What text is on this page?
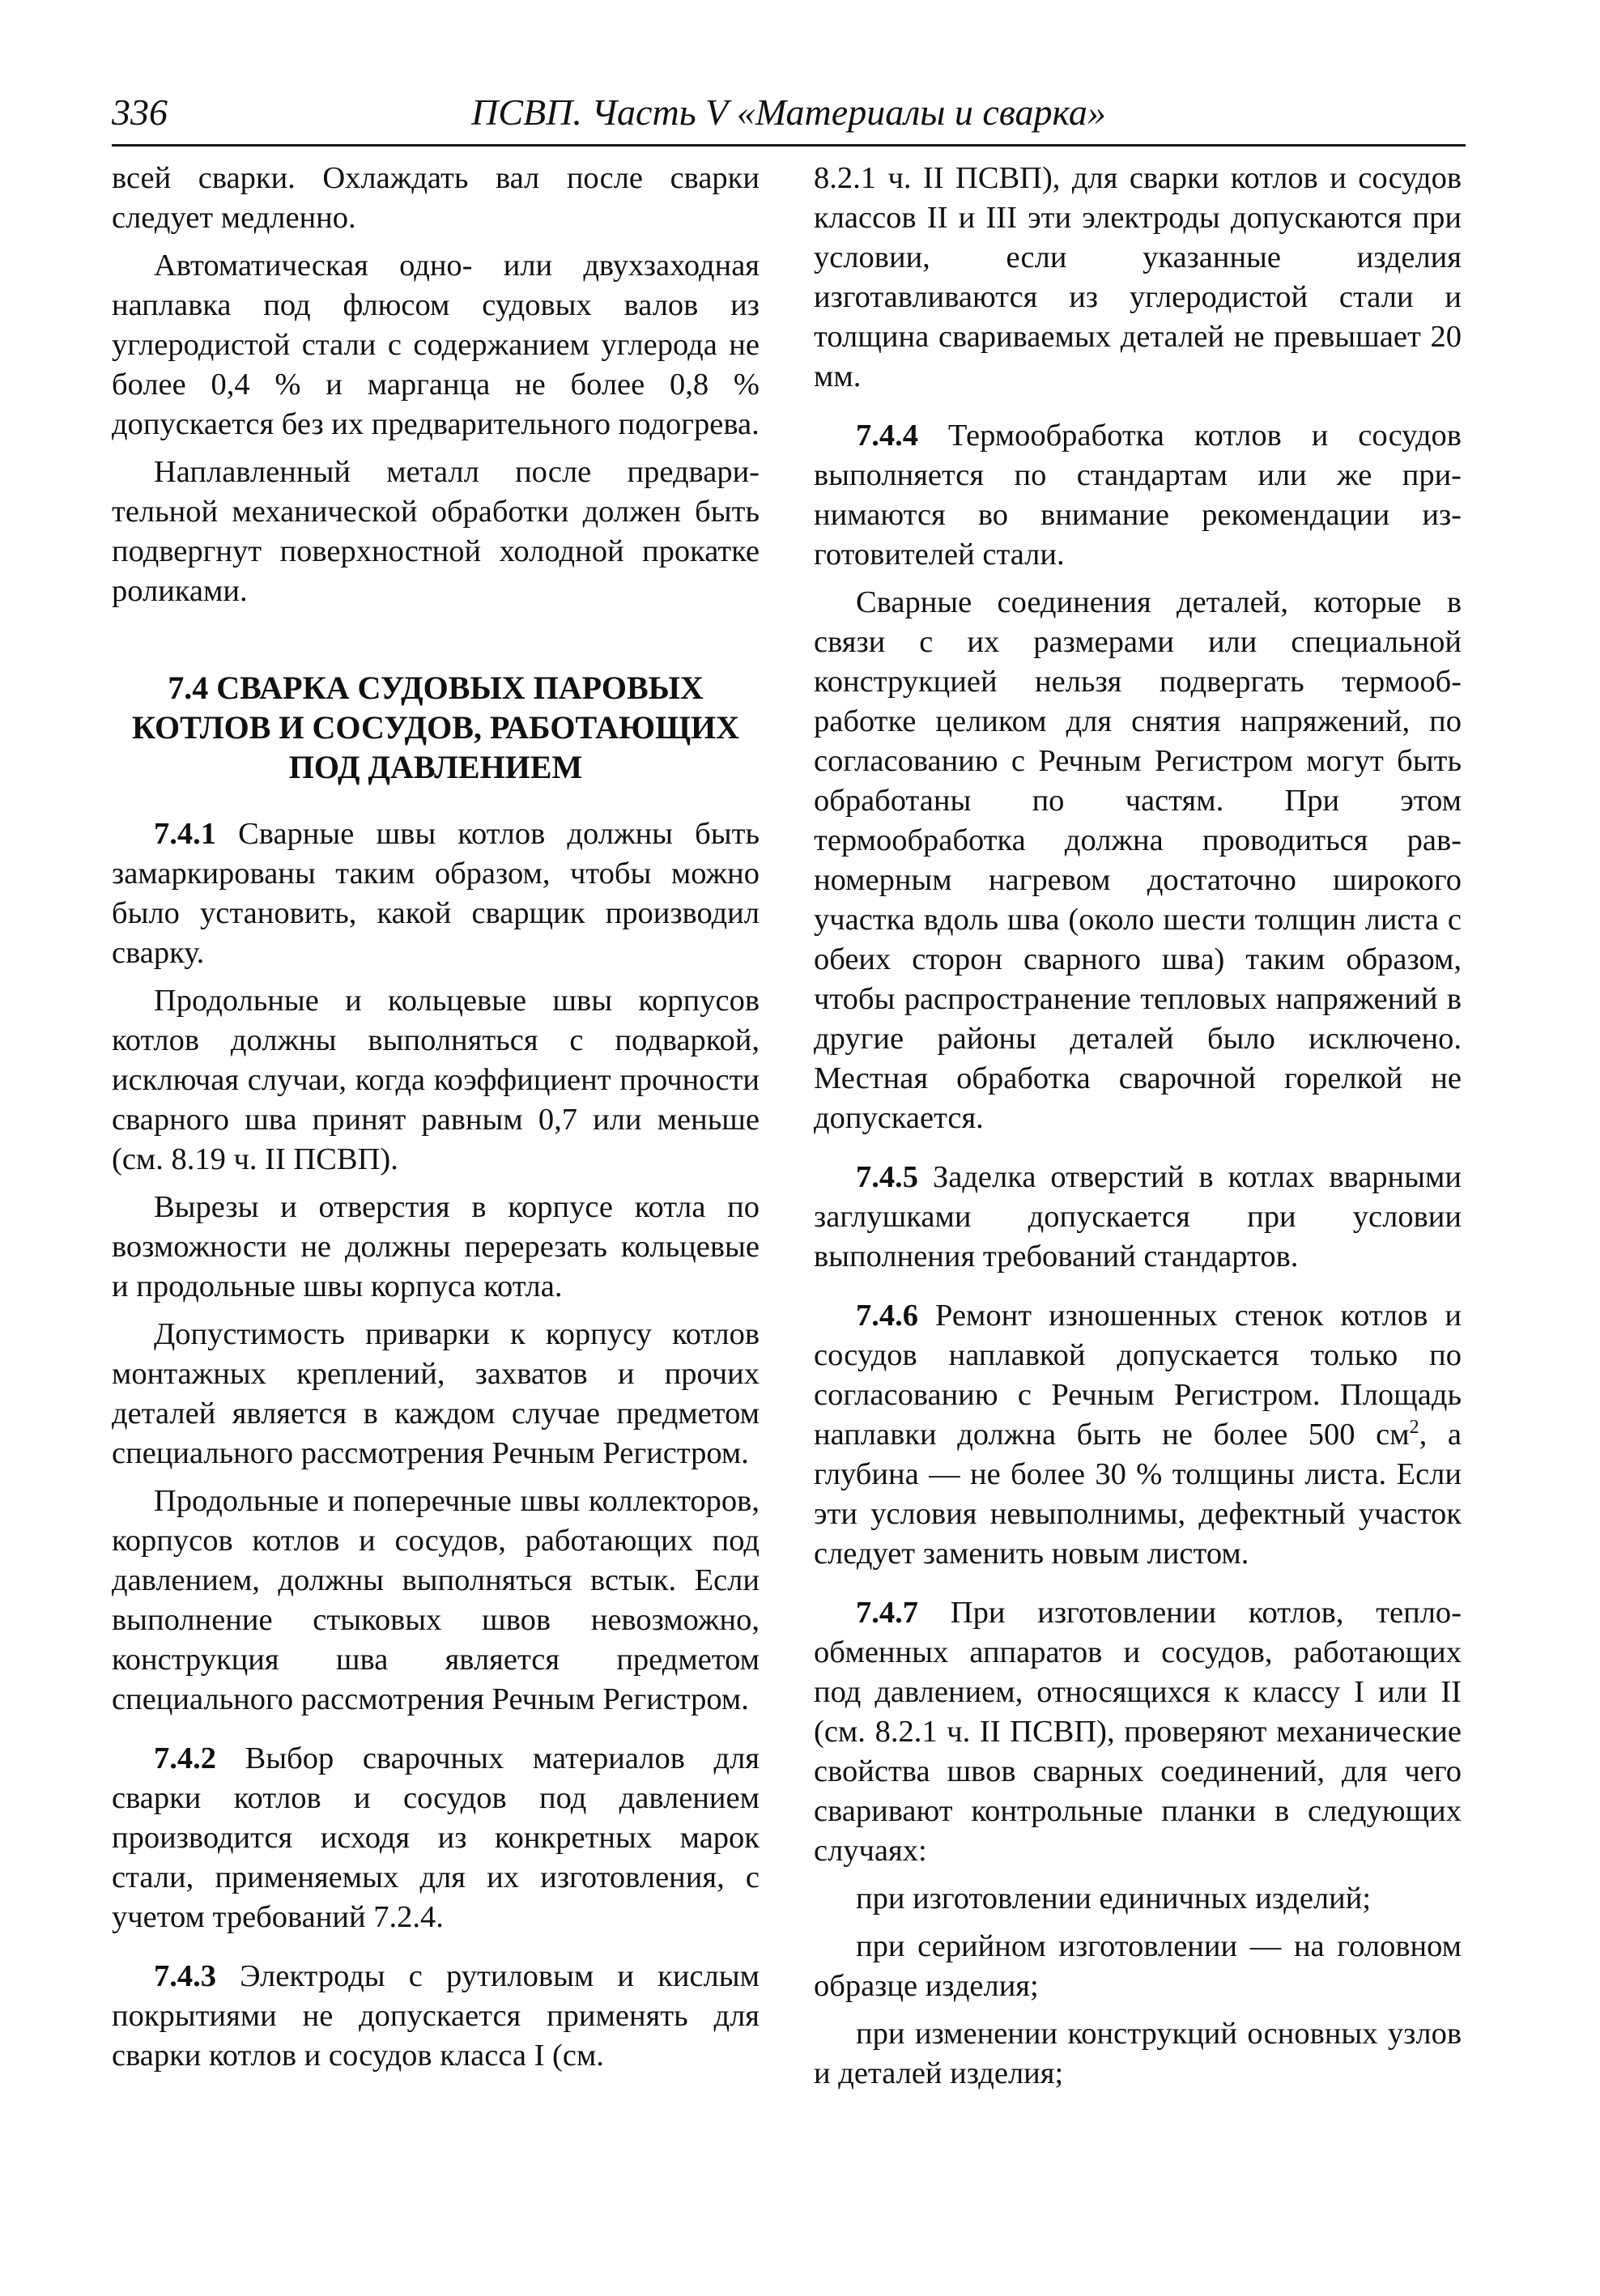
336	ПСВП. Часть V «Материалы и сварка»

всей сварки. Охлаждать вал после сварки следует медленно.

Автоматическая одно- или двухзаходная наплавка под флюсом судовых валов из углеродистой стали с содержанием углерода не более 0,4 % и марганца не более 0,8 % допускается без их предварительного подогрева.

Наплавленный металл после предварительной механической обработки должен быть подвергнут поверхностной холодной прокатке роликами.

7.4 СВАРКА СУДОВЫХ ПАРОВЫХ КОТЛОВ И СОСУДОВ, РАБОТАЮЩИХ ПОД ДАВЛЕНИЕМ

7.4.1 Сварные швы котлов должны быть замаркированы таким образом, чтобы можно было установить, какой сварщик производил сварку.

Продольные и кольцевые швы корпусов котлов должны выполняться с подваркой, исключая случаи, когда коэффициент прочности сварного шва принят равным 0,7 или меньше (см. 8.19 ч. II ПСВП).

Вырезы и отверстия в корпусе котла по возможности не должны перерезать кольцевые и продольные швы корпуса котла.

Допустимость приварки к корпусу котлов монтажных креплений, захватов и прочих деталей является в каждом случае предметом специального рассмотрения Речным Регистром.

Продольные и поперечные швы коллекторов, корпусов котлов и сосудов, работающих под давлением, должны выполняться встык. Если выполнение стыковых швов невозможно, конструкция шва является предметом специального рассмотрения Речным Регистром.

7.4.2 Выбор сварочных материалов для сварки котлов и сосудов под давлением производится исходя из конкретных марок стали, применяемых для их изготовления, с учетом требований 7.2.4.

7.4.3 Электроды с рутиловым и кислым покрытиями не допускается применять для сварки котлов и сосудов класса I (см.

8.2.1 ч. II ПСВП), для сварки котлов и сосудов классов II и III эти электроды допускаются при условии, если указанные изделия изготавливаются из углеродистой стали и толщина свариваемых деталей не превышает 20 мм.

7.4.4 Термообработка котлов и сосудов выполняется по стандартам или же принимаются во внимание рекомендации изготовителей стали.

Сварные соединения деталей, которые в связи с их размерами или специальной конструкцией нельзя подвергать термообработке целиком для снятия напряжений, по согласованию с Речным Регистром могут быть обработаны по частям. При этом термообработка должна проводиться равномерным нагревом достаточно широкого участка вдоль шва (около шести толщин листа с обеих сторон сварного шва) таким образом, чтобы распространение тепловых напряжений в другие районы деталей было исключено. Местная обработка сварочной горелкой не допускается.

7.4.5 Заделка отверстий в котлах вварными заглушками допускается при условии выполнения требований стандартов.

7.4.6 Ремонт изношенных стенок котлов и сосудов наплавкой допускается только по согласованию с Речным Регистром. Площадь наплавки должна быть не более 500 $см^2$, а глубина — не более 30 % толщины листа. Если эти условия невыполнимы, дефектный участок следует заменить новым листом.

7.4.7 При изготовлении котлов, теплообменных аппаратов и сосудов, работающих под давлением, относящихся к классу I или II (см. 8.2.1 ч. II ПСВП), проверяют механические свойства швов сварных соединений, для чего сваривают контрольные планки в следующих случаях:

при изготовлении единичных изделий;

при серийном изготовлении — на головном образце изделия;

при изменении конструкций основных узлов и деталей изделия;
